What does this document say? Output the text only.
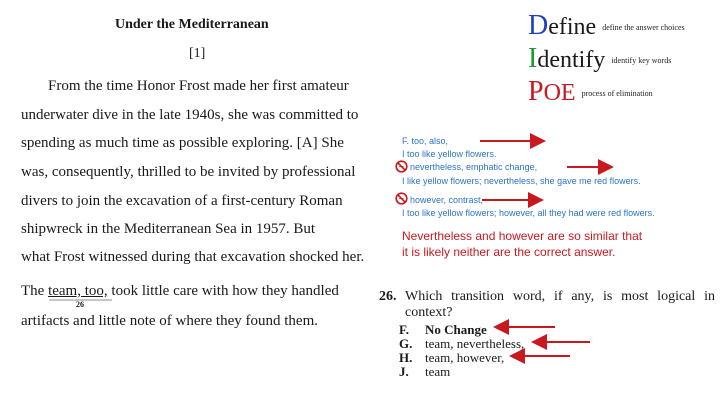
Under the Mediterranean
[1]
From the time Honor Frost made her first amateur
underwater dive in the late 1940s, she was committed to
spending as much time as possible exploring. [A] She
was, consequently, thrilled to be invited by professional
divers to join the excavation of a first-century Roman
shipwreck in the Mediterranean Sea in 1957. But
what Frost witnessed during that excavation shocked her.
The team, too, took little care with how they handled
26
artifacts and little note of where they found them.
Define $^{define the answer choices}$
Identify $^{identify key words}$
POE $^{process of elimination}$
F. too, also,
I too like yellow flowers.
nevertheless, emphatic change,
I like yellow flowers; nevertheless, she gave me red flowers.
however, contrast,
I too like yellow flowers; however, all they had were red flowers.
Nevertheless and however are so similar that
it is likely neither are the correct answer.
26. Which transition word, if any, is most logical in context?
F. No Change
G. team, nevertheless,
H. team, however,
J. team
